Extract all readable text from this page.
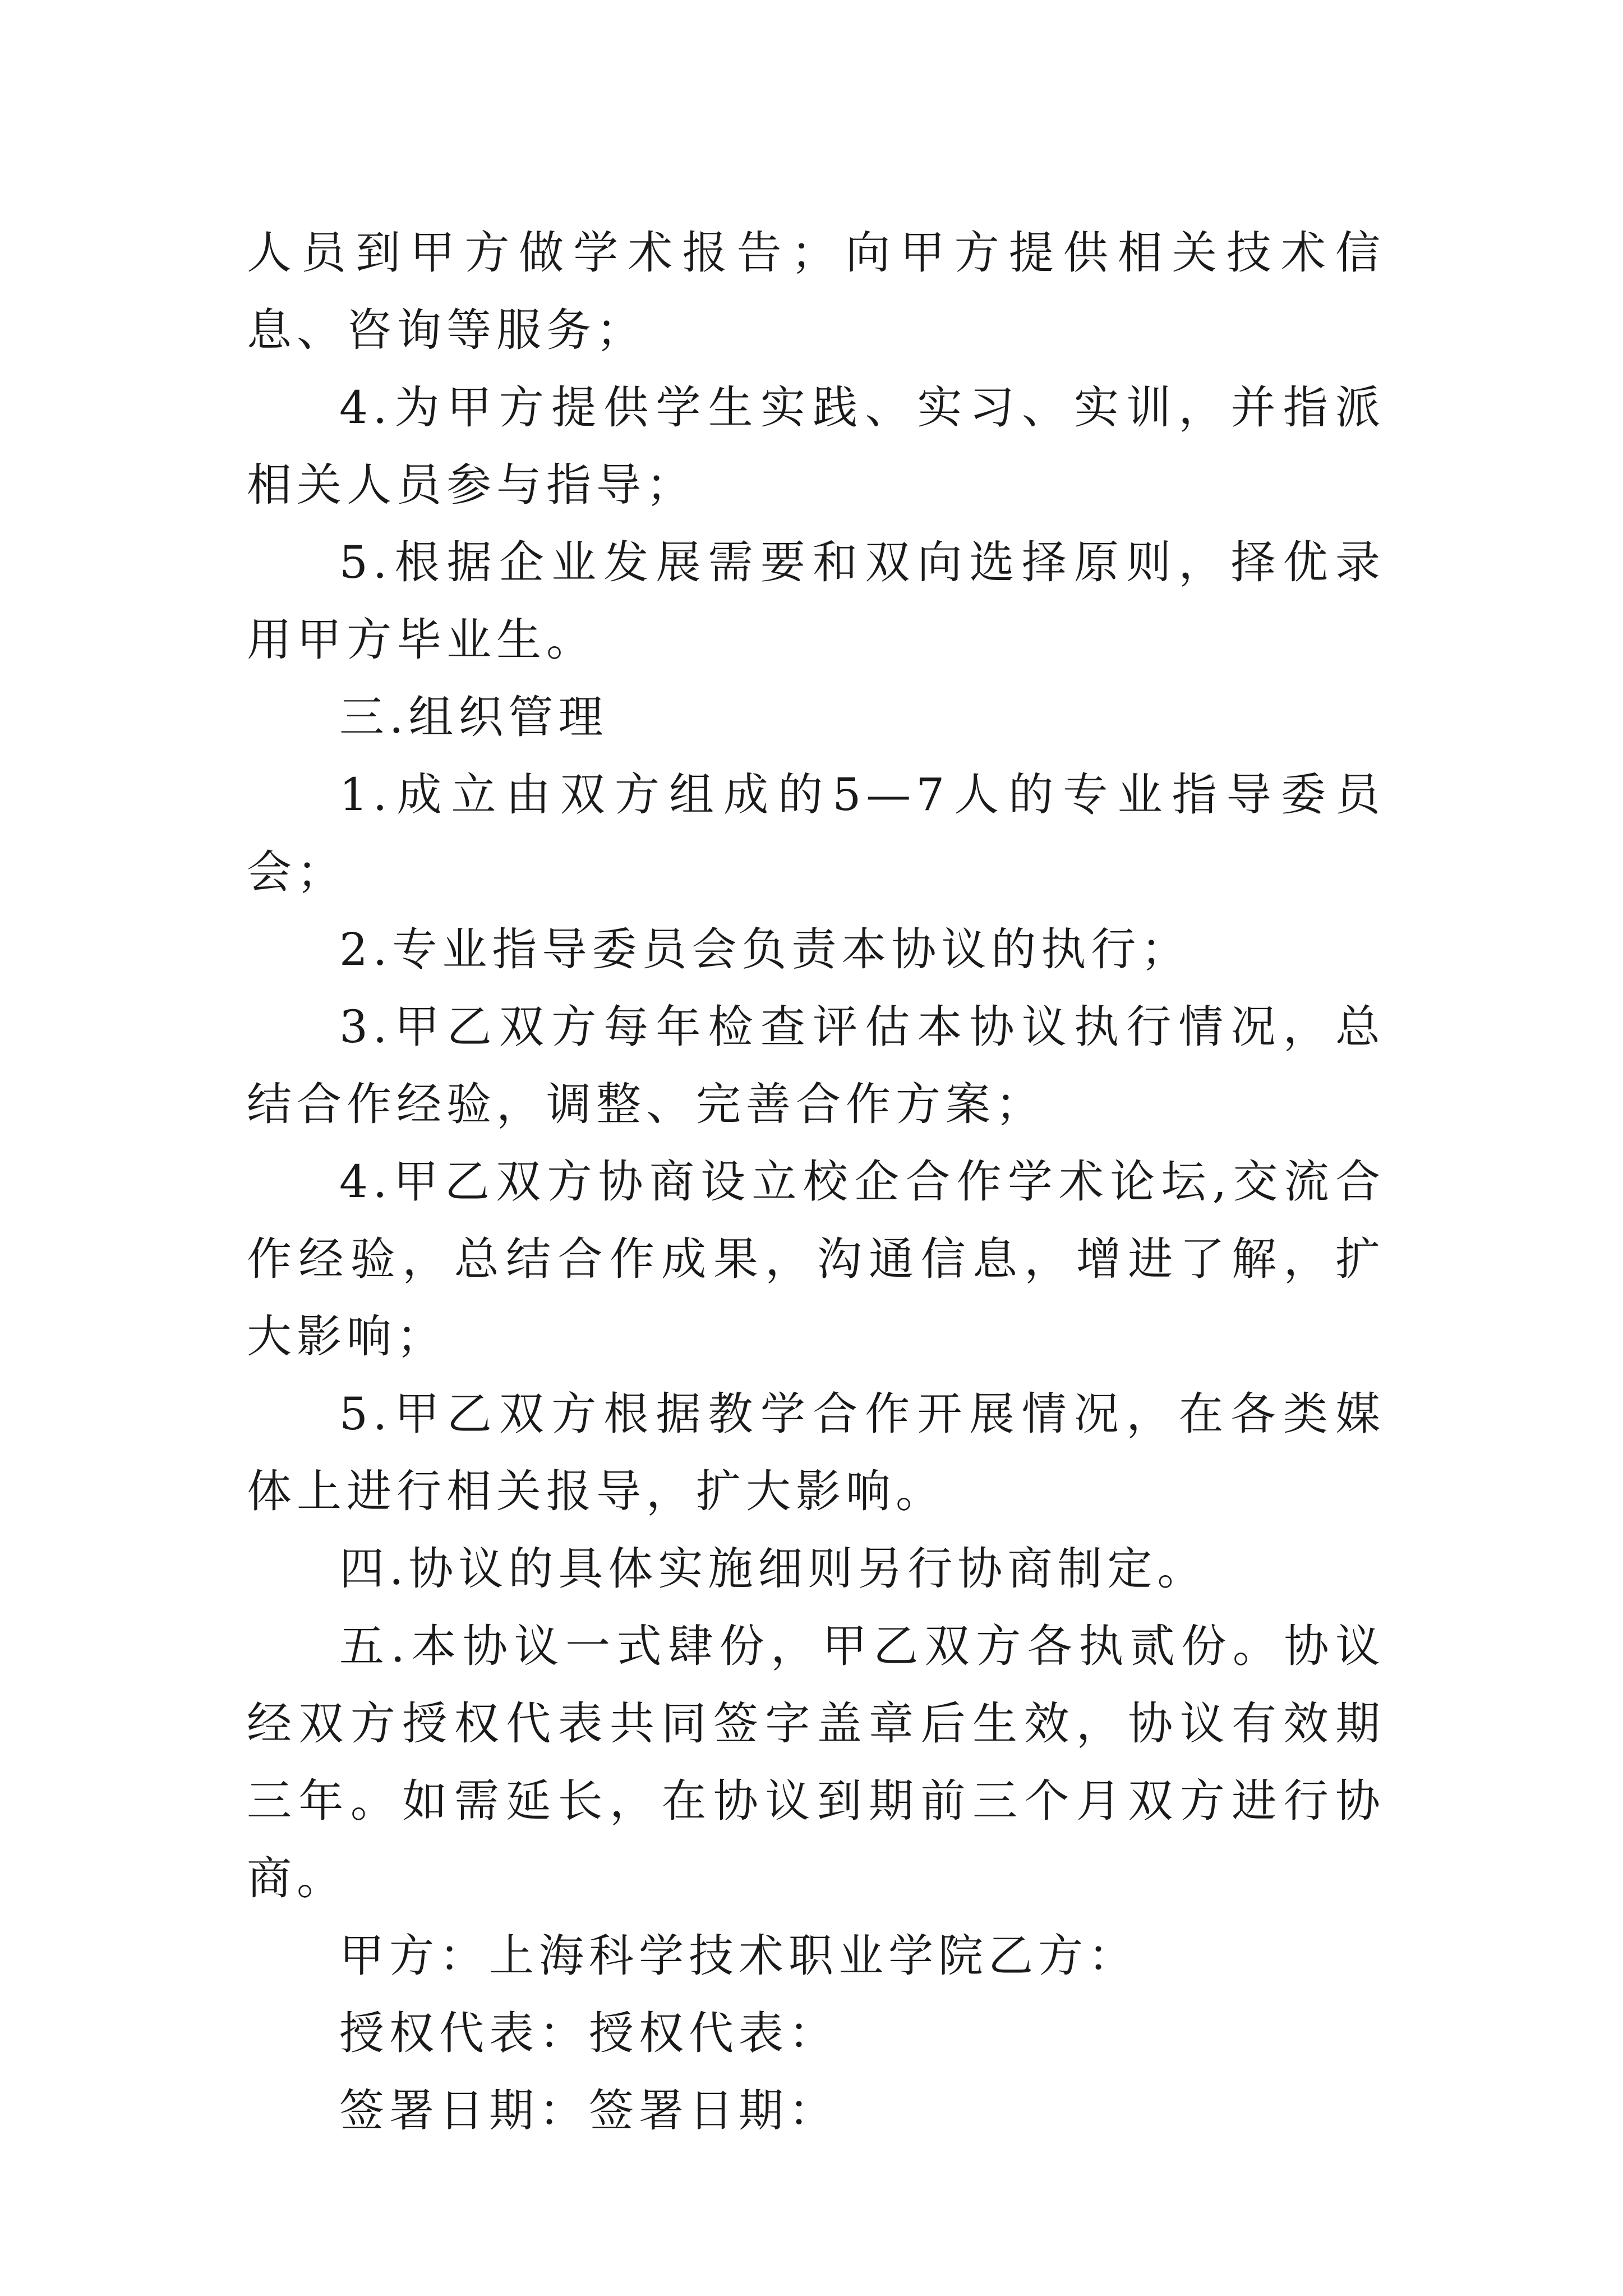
人员到甲方做学术报告；向甲方提供相关技术信息、咨询等服务；

4.为甲方提供学生实践、实习、实训，并指派相关人员参与指导；

5.根据企业发展需要和双向选择原则，择优录用甲方毕业生。

三.组织管理

1.成立由双方组成的5—7人的专业指导委员会；

2.专业指导委员会负责本协议的执行；

3.甲乙双方每年检查评估本协议执行情况，总结合作经验，调整、完善合作方案；

4.甲乙双方协商设立校企合作学术论坛,交流合作经验，总结合作成果，沟通信息，增进了解，扩大影响；

5.甲乙双方根据教学合作开展情况，在各类媒体上进行相关报导，扩大影响。

四.协议的具体实施细则另行协商制定。

五.本协议一式肆份，甲乙双方各执贰份。协议经双方授权代表共同签字盖章后生效，协议有效期三年。如需延长，在协议到期前三个月双方进行协商。

甲方：上海科学技术职业学院乙方：

授权代表：授权代表：

签署日期：签署日期：
